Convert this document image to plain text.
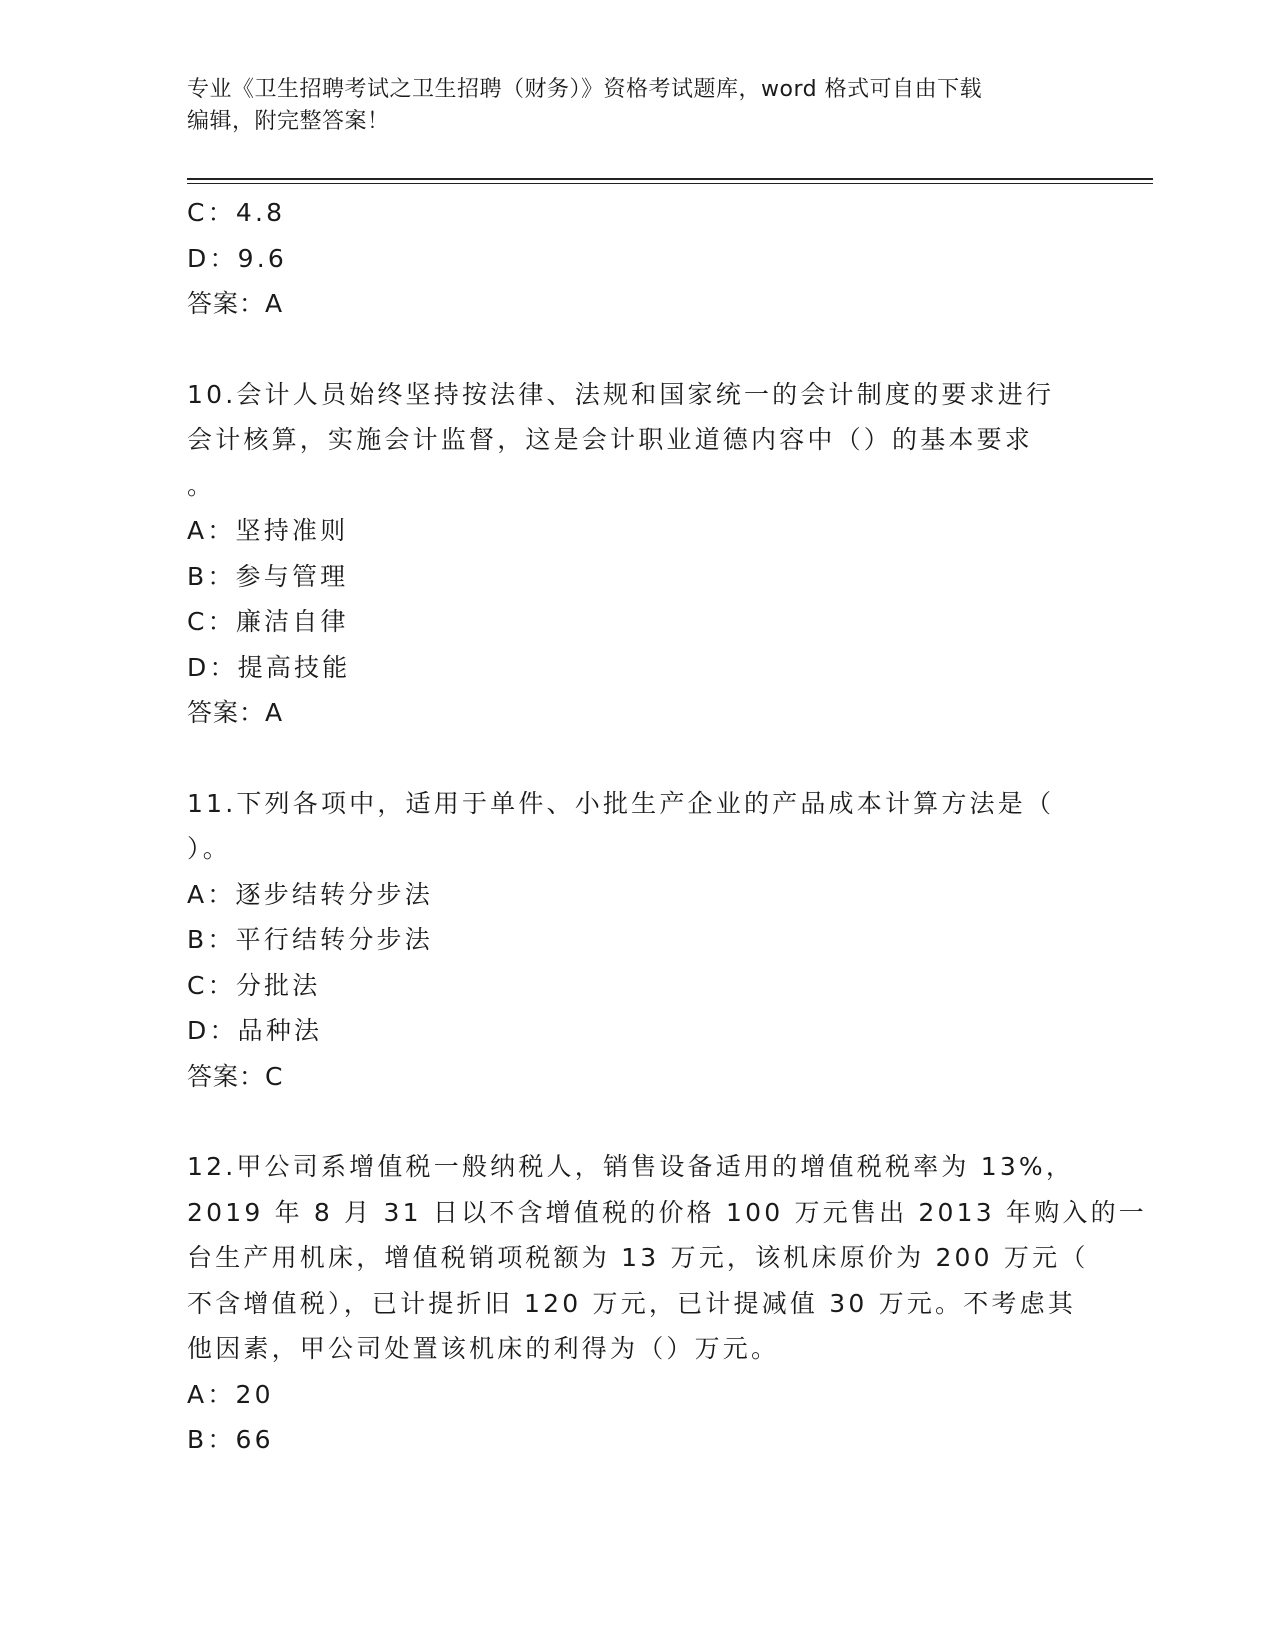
专业《卫生招聘考试之卫生招聘（财务）》资格考试题库，word 格式可自由下载
编辑，附完整答案！
C：4.8
D：9.6
答案：A
10.会计人员始终坚持按法律、法规和国家统一的会计制度的要求进行
会计核算，实施会计监督，这是会计职业道德内容中（）的基本要求
。
A：坚持准则
B：参与管理
C：廉洁自律
D：提高技能
答案：A
11.下列各项中，适用于单件、小批生产企业的产品成本计算方法是（
）。
A：逐步结转分步法
B：平行结转分步法
C：分批法
D：品种法
答案：C
12.甲公司系增值税一般纳税人，销售设备适用的增值税税率为 13%，
2019 年 8 月 31 日以不含增值税的价格 100 万元售出 2013 年购入的一
台生产用机床，增值税销项税额为 13 万元，该机床原价为 200 万元（
不含增值税），已计提折旧 120 万元，已计提减值 30 万元。不考虑其
他因素，甲公司处置该机床的利得为（）万元。
A：20
B：66
